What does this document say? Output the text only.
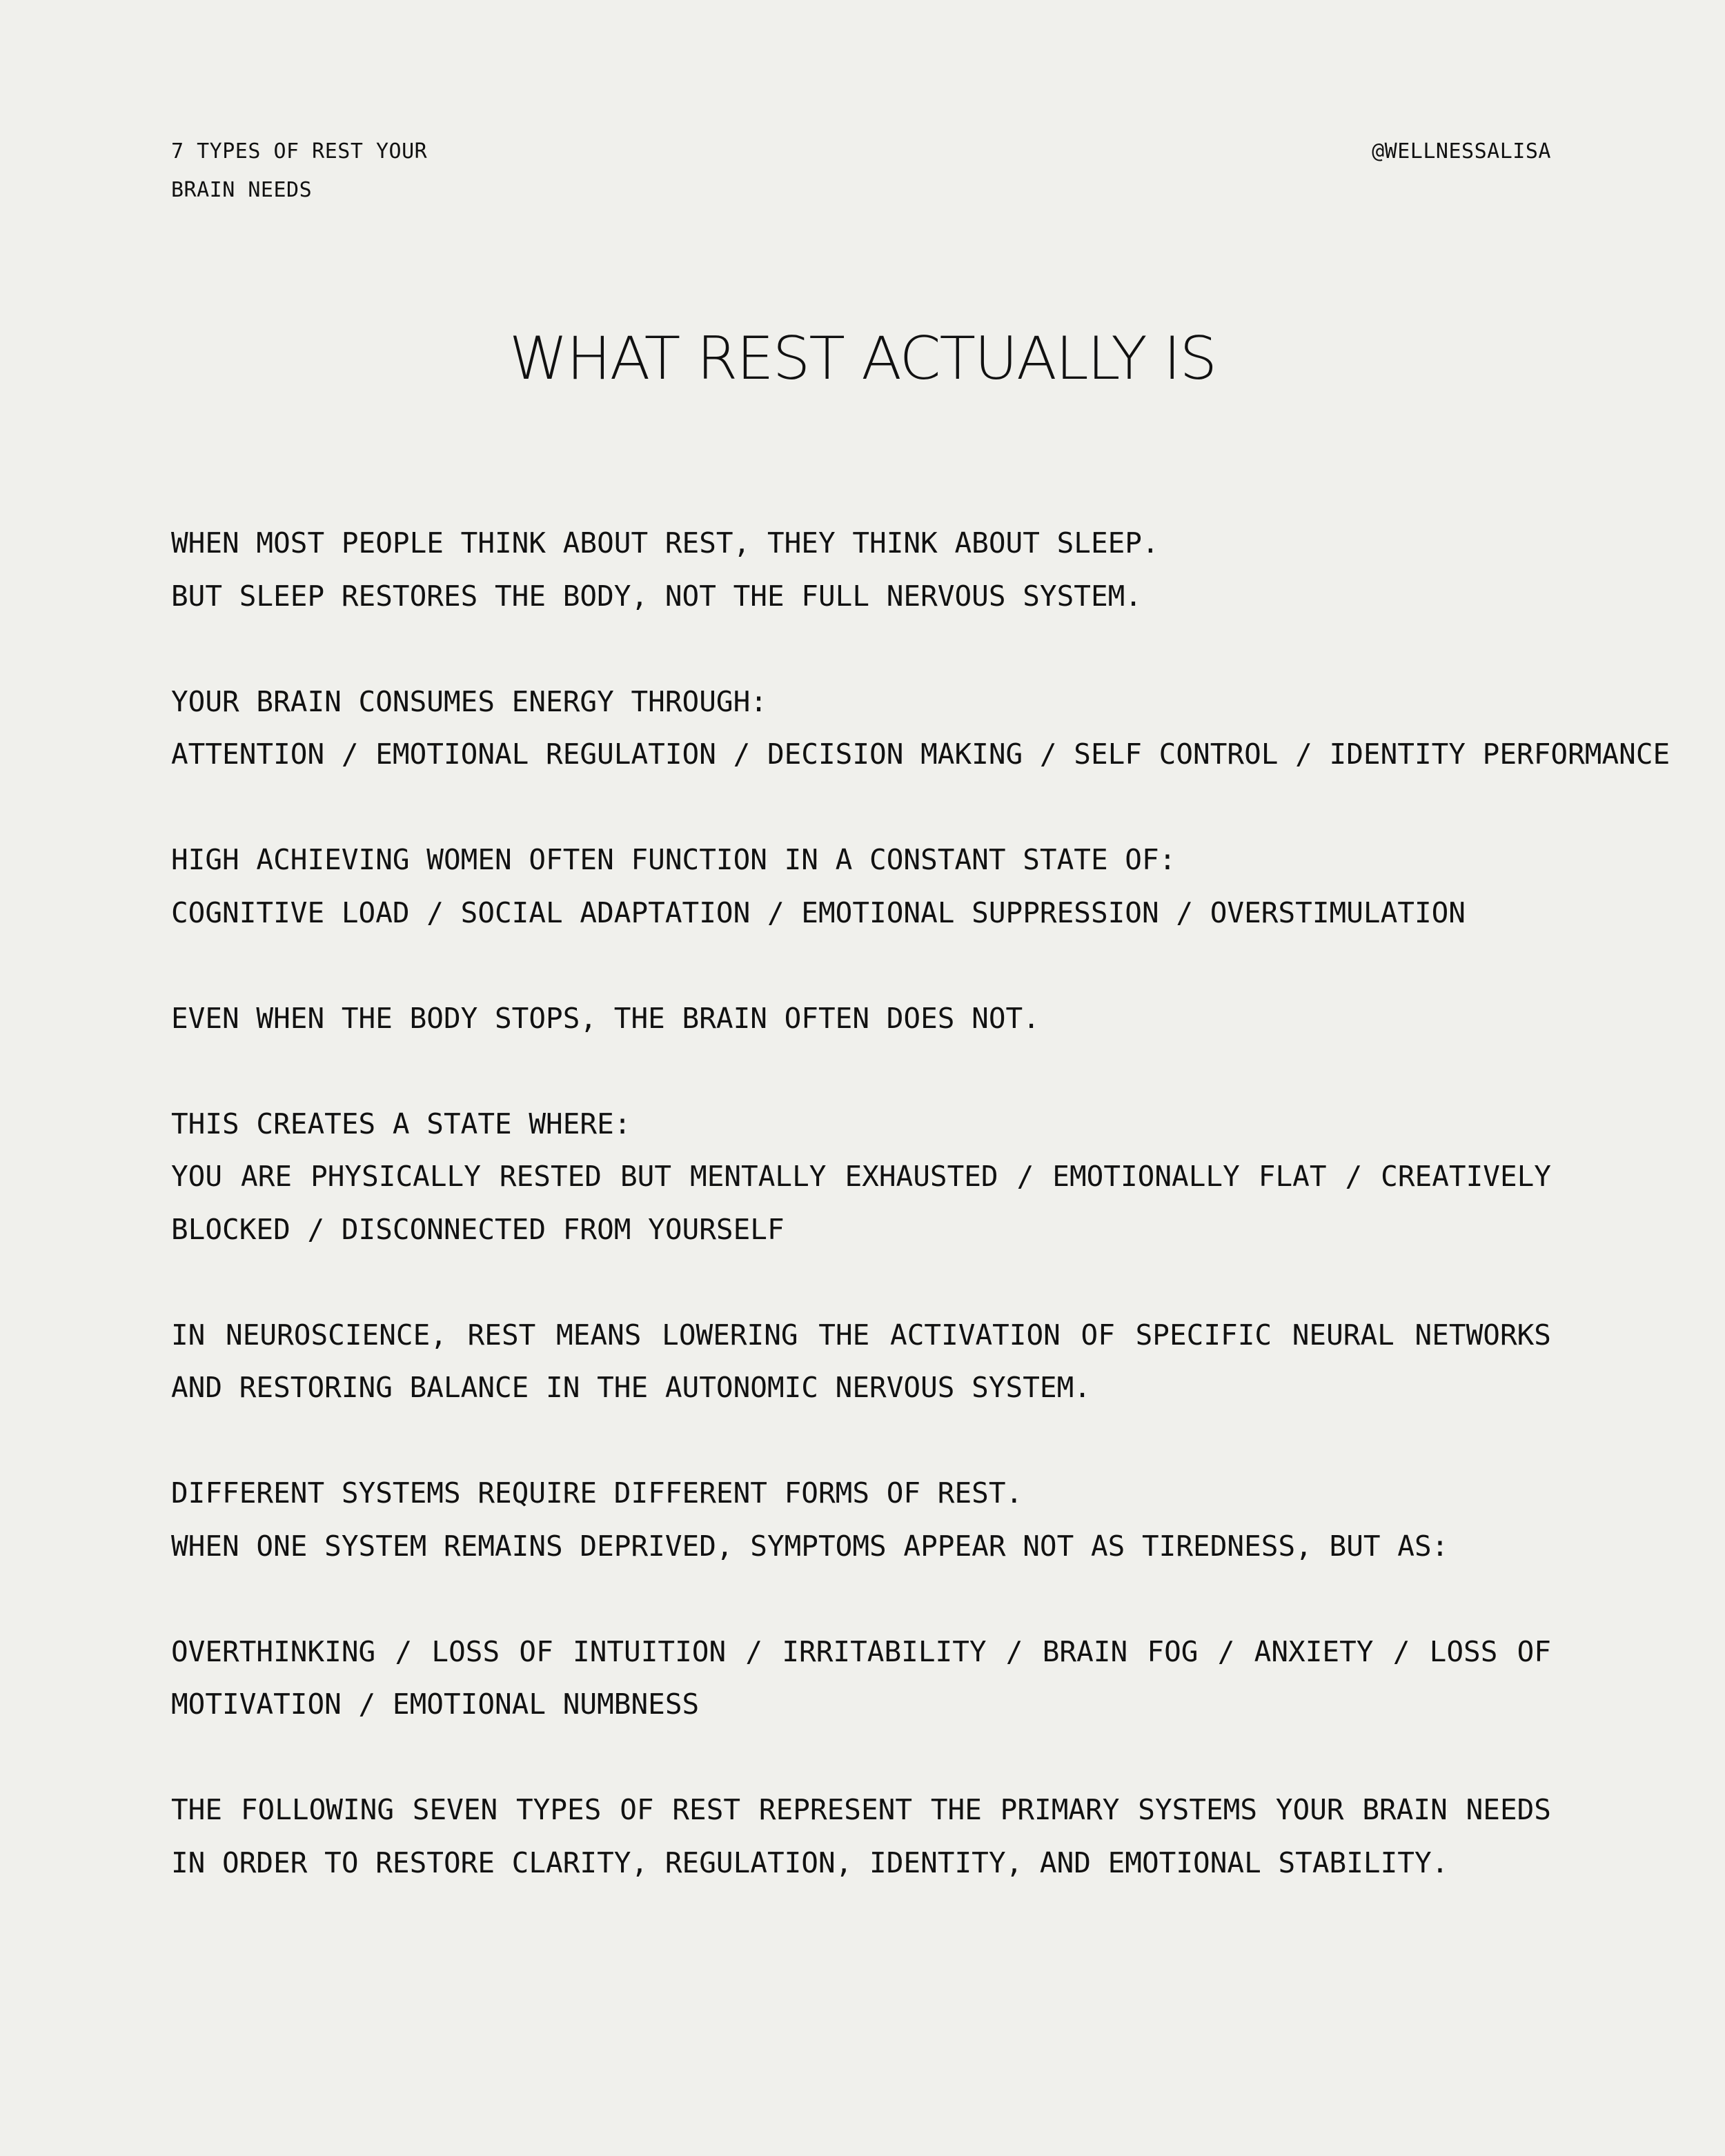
7 TYPES OF REST YOUR
BRAIN NEEDS
@WELLNESSALISA
WHAT REST ACTUALLY IS

WHEN MOST PEOPLE THINK ABOUT REST, THEY THINK ABOUT SLEEP.
BUT SLEEP RESTORES THE BODY, NOT THE FULL NERVOUS SYSTEM.

YOUR BRAIN CONSUMES ENERGY THROUGH:
ATTENTION / EMOTIONAL REGULATION / DECISION MAKING / SELF CONTROL / IDENTITY PERFORMANCE

HIGH ACHIEVING WOMEN OFTEN FUNCTION IN A CONSTANT STATE OF:
COGNITIVE LOAD / SOCIAL ADAPTATION / EMOTIONAL SUPPRESSION / OVERSTIMULATION

EVEN WHEN THE BODY STOPS, THE BRAIN OFTEN DOES NOT.

THIS CREATES A STATE WHERE:
YOU ARE PHYSICALLY RESTED BUT MENTALLY EXHAUSTED / EMOTIONALLY FLAT / CREATIVELY BLOCKED / DISCONNECTED FROM YOURSELF

IN NEUROSCIENCE, REST MEANS LOWERING THE ACTIVATION OF SPECIFIC NEURAL NETWORKS AND RESTORING BALANCE IN THE AUTONOMIC NERVOUS SYSTEM.

DIFFERENT SYSTEMS REQUIRE DIFFERENT FORMS OF REST.
WHEN ONE SYSTEM REMAINS DEPRIVED, SYMPTOMS APPEAR NOT AS TIREDNESS, BUT AS:

OVERTHINKING / LOSS OF INTUITION / IRRITABILITY / BRAIN FOG / ANXIETY / LOSS OF MOTIVATION / EMOTIONAL NUMBNESS

THE FOLLOWING SEVEN TYPES OF REST REPRESENT THE PRIMARY SYSTEMS YOUR BRAIN NEEDS IN ORDER TO RESTORE CLARITY, REGULATION, IDENTITY, AND EMOTIONAL STABILITY.
